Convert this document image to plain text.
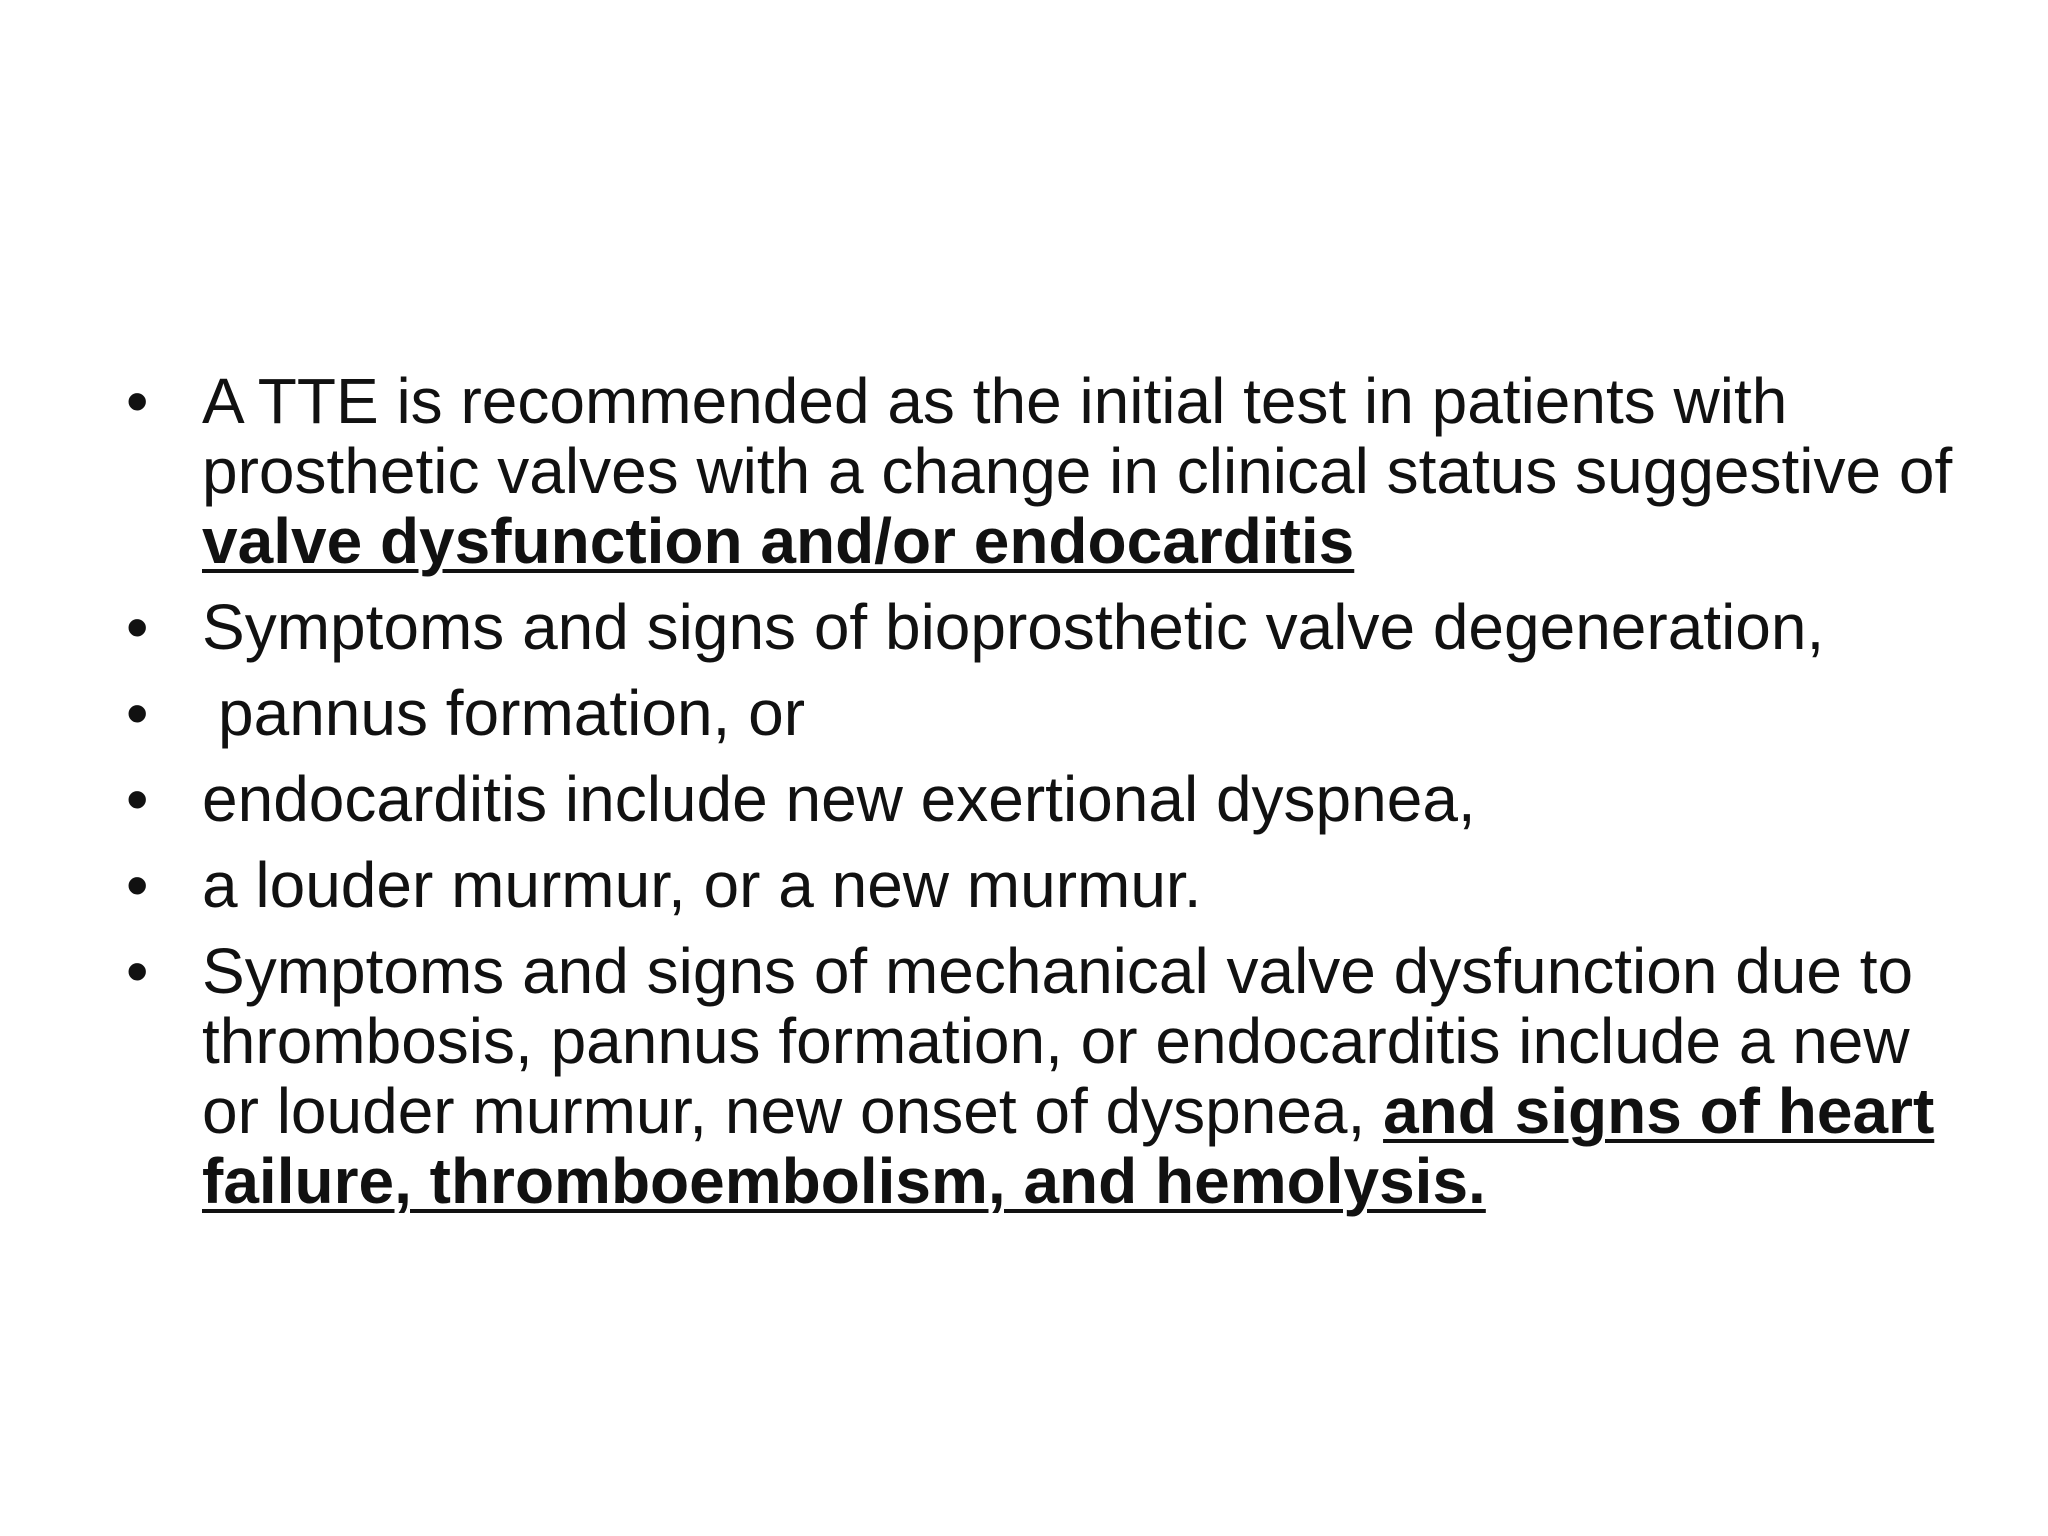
• A TTE is recommended as the initial test in patients with prosthetic valves with a change in clinical status suggestive of valve dysfunction and/or endocarditis
• Symptoms and signs of bioprosthetic valve degeneration,
• pannus formation, or
• endocarditis include new exertional dyspnea,
• a louder murmur, or a new murmur.
• Symptoms and signs of mechanical valve dysfunction due to thrombosis, pannus formation, or endocarditis include a new or louder murmur, new onset of dyspnea, and signs of heart failure, thromboembolism, and hemolysis.
